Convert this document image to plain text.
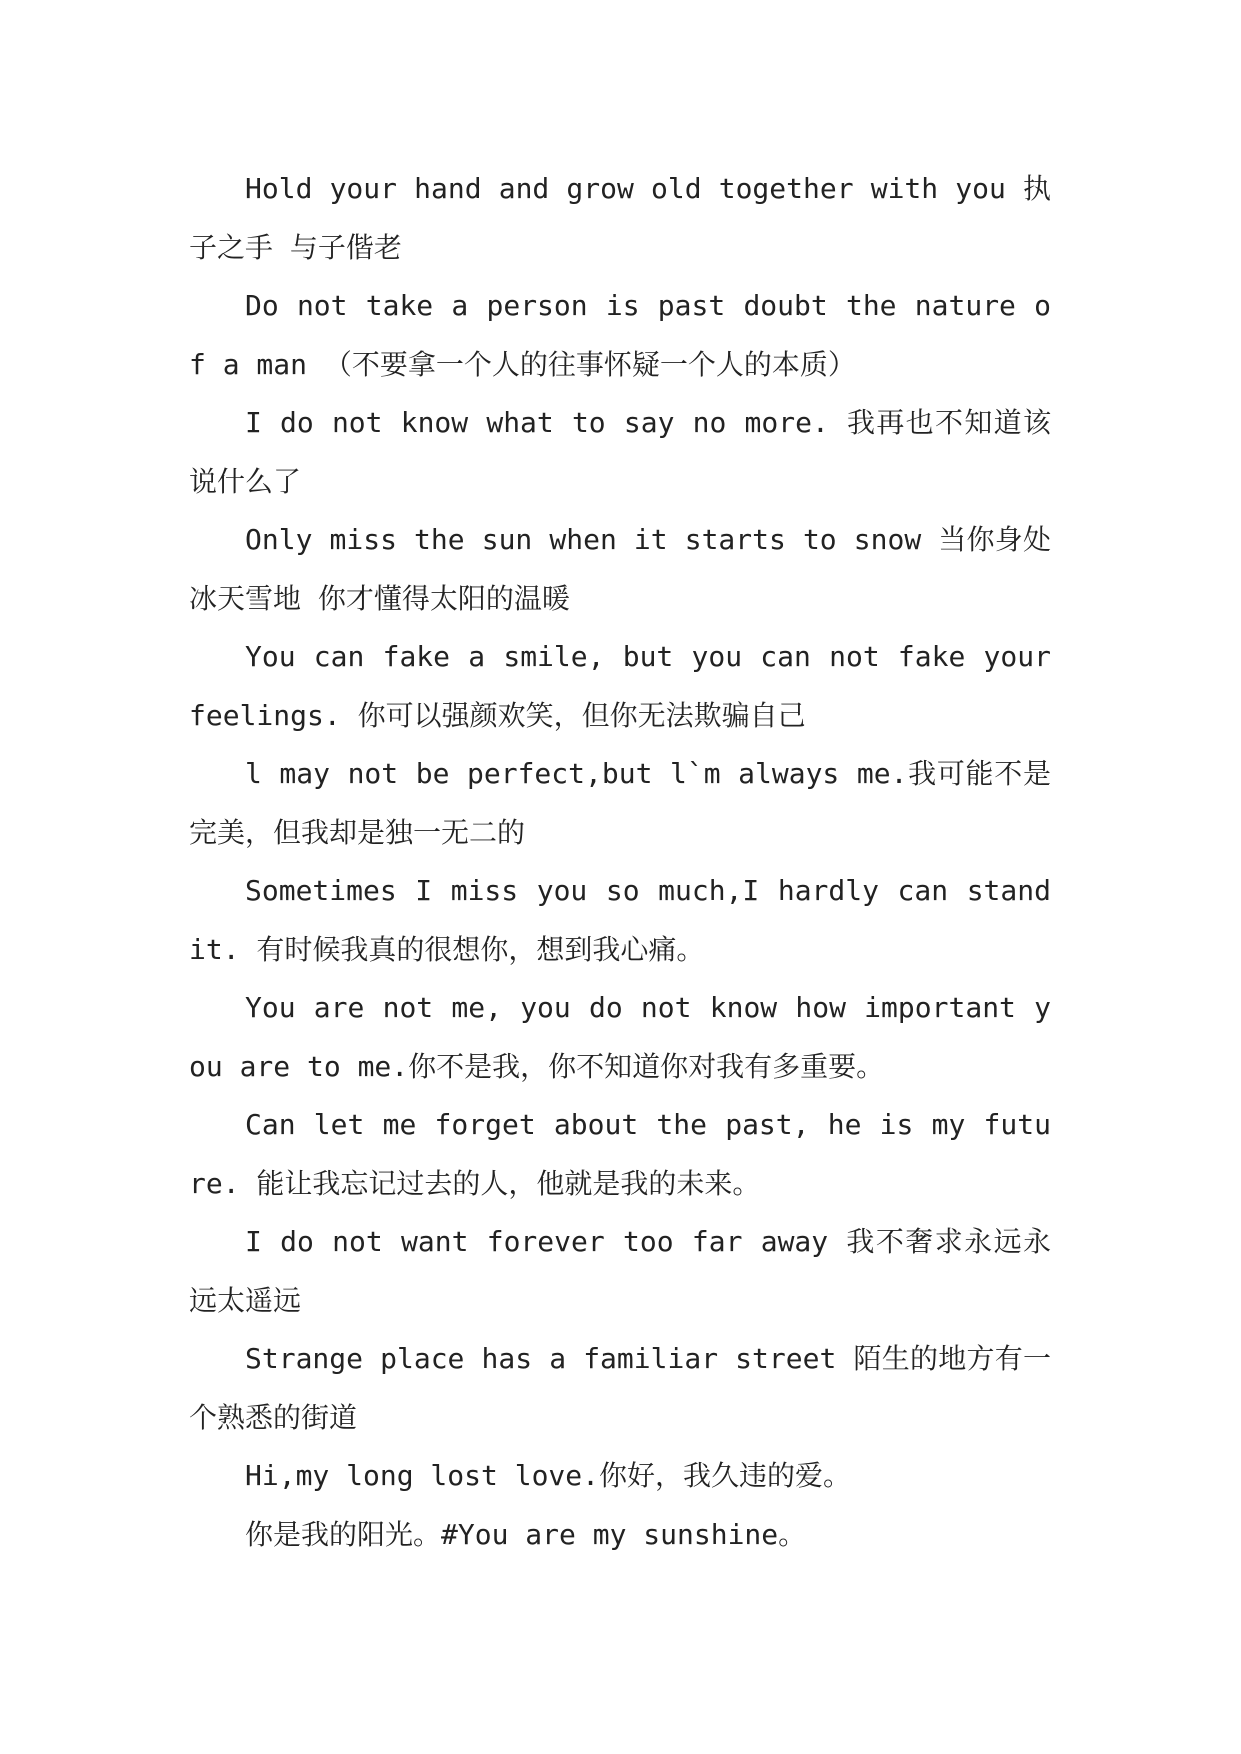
Hold your hand and grow old together with you 执子之手 与子偕老

Do not take a person is past doubt the nature of a man （不要拿一个人的往事怀疑一个人的本质）

I do not know what to say no more. 我再也不知道该说什么了

Only miss the sun when it starts to snow 当你身处冰天雪地 你才懂得太阳的温暖

You can fake a smile, but you can not fake your feelings. 你可以强颜欢笑，但你无法欺骗自己

l may not be perfect,but l`m always me.我可能不是完美，但我却是独一无二的

Sometimes I miss you so much,I hardly can stand it. 有时候我真的很想你，想到我心痛。

You are not me, you do not know how important you are to me.你不是我，你不知道你对我有多重要。

Can let me forget about the past, he is my future. 能让我忘记过去的人，他就是我的未来。

I do not want forever too far away 我不奢求永远永远太遥远

Strange place has a familiar street 陌生的地方有一个熟悉的街道

Hi,my long lost love.你好，我久违的爱。

你是我的阳光。#You are my sunshine。
